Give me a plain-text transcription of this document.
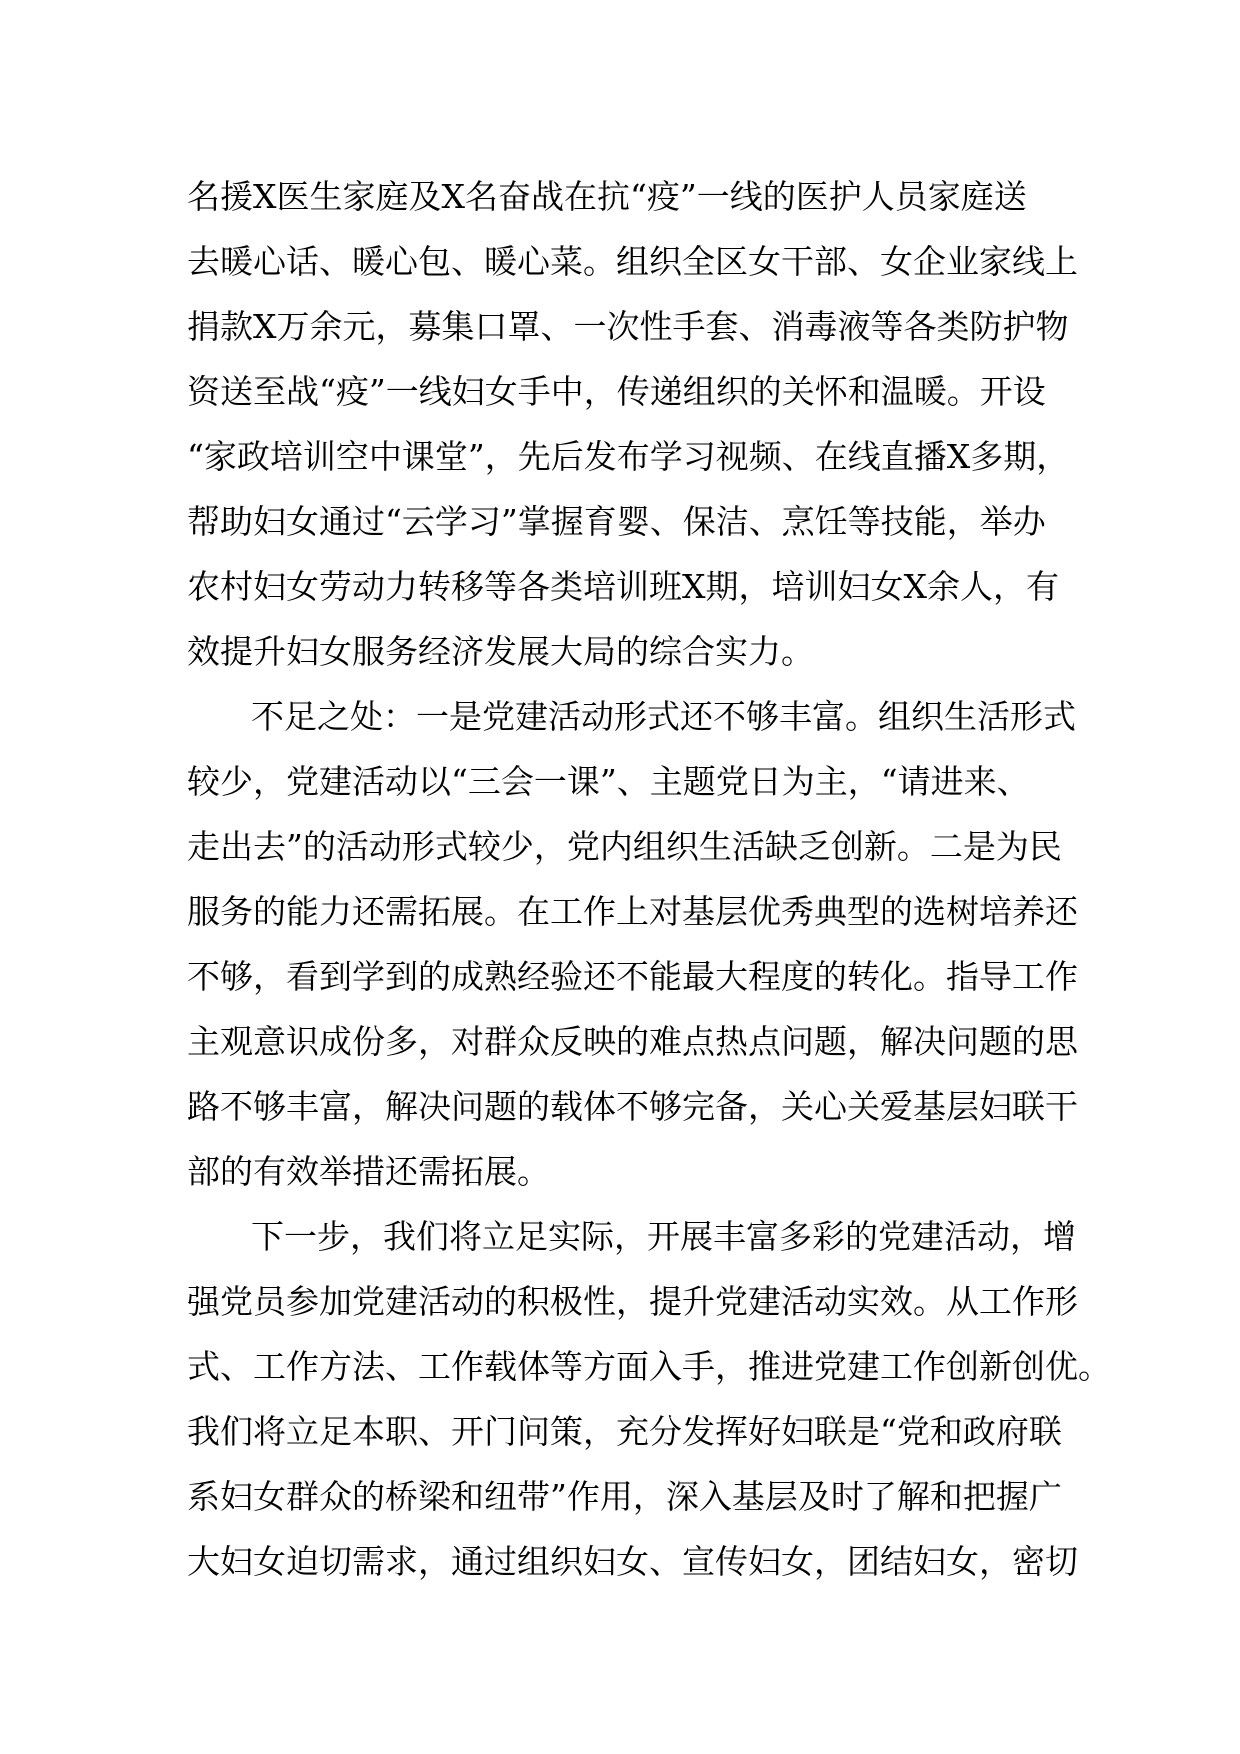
名援Ⅹ医生家庭及Ⅹ名奋战在抗“疫”一线的医护人员家庭送

去暖心话、暖心包、暖心菜。组织全区女干部、女企业家线上

捐款Ⅹ万余元，募集口罩、一次性手套、消毒液等各类防护物

资送至战“疫”一线妇女手中，传递组织的关怀和温暖。开设

“家政培训空中课堂”，先后发布学习视频、在线直播Ⅹ多期，

帮助妇女通过“云学习”掌握育婴、保洁、烹饪等技能，举办

农村妇女劳动力转移等各类培训班Ⅹ期，培训妇女Ⅹ余人，有

效提升妇女服务经济发展大局的综合实力。

不足之处：一是党建活动形式还不够丰富。组织生活形式

较少，党建活动以“三会一课”、主题党日为主，“请进来、

走出去”的活动形式较少，党内组织生活缺乏创新。二是为民

服务的能力还需拓展。在工作上对基层优秀典型的选树培养还

不够，看到学到的成熟经验还不能最大程度的转化。指导工作

主观意识成份多，对群众反映的难点热点问题，解决问题的思

路不够丰富，解决问题的载体不够完备，关心关爱基层妇联干

部的有效举措还需拓展。

下一步，我们将立足实际，开展丰富多彩的党建活动，增

强党员参加党建活动的积极性，提升党建活动实效。从工作形

式、工作方法、工作载体等方面入手，推进党建工作创新创优。

我们将立足本职、开门问策，充分发挥好妇联是“党和政府联

系妇女群众的桥梁和纽带”作用，深入基层及时了解和把握广

大妇女迫切需求，通过组织妇女、宣传妇女，团结妇女，密切
